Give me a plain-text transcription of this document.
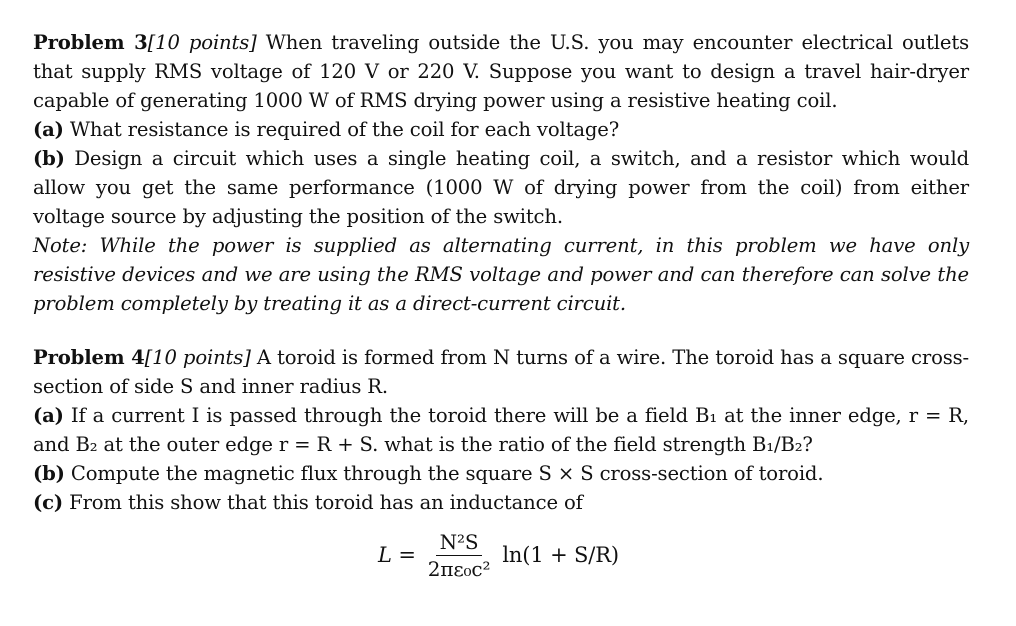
Problem 3[10 points] When traveling outside the U.S. you may encounter electrical outlets that supply RMS voltage of 120 V or 220 V. Suppose you want to design a travel hair-dryer capable of generating 1000 W of RMS drying power using a resistive heating coil.

(a) What resistance is required of the coil for each voltage?

(b) Design a circuit which uses a single heating coil, a switch, and a resistor which would allow you get the same performance (1000 W of drying power from the coil) from either voltage source by adjusting the position of the switch.

Note: While the power is supplied as alternating current, in this problem we have only resistive devices and we are using the RMS voltage and power and can therefore can solve the problem completely by treating it as a direct-current circuit.

Problem 4[10 points] A toroid is formed from N turns of a wire. The toroid has a square cross-section of side S and inner radius R.

(a) If a current I is passed through the toroid there will be a field B₁ at the inner edge, r = R, and B₂ at the outer edge r = R + S. what is the ratio of the field strength B₁/B₂?

(b) Compute the magnetic flux through the square S × S cross-section of toroid.

(c) From this show that this toroid has an inductance of

$L = \frac{\text{N²S}}{\text{2πε₀c²}} \ln(1 + S/R)$
